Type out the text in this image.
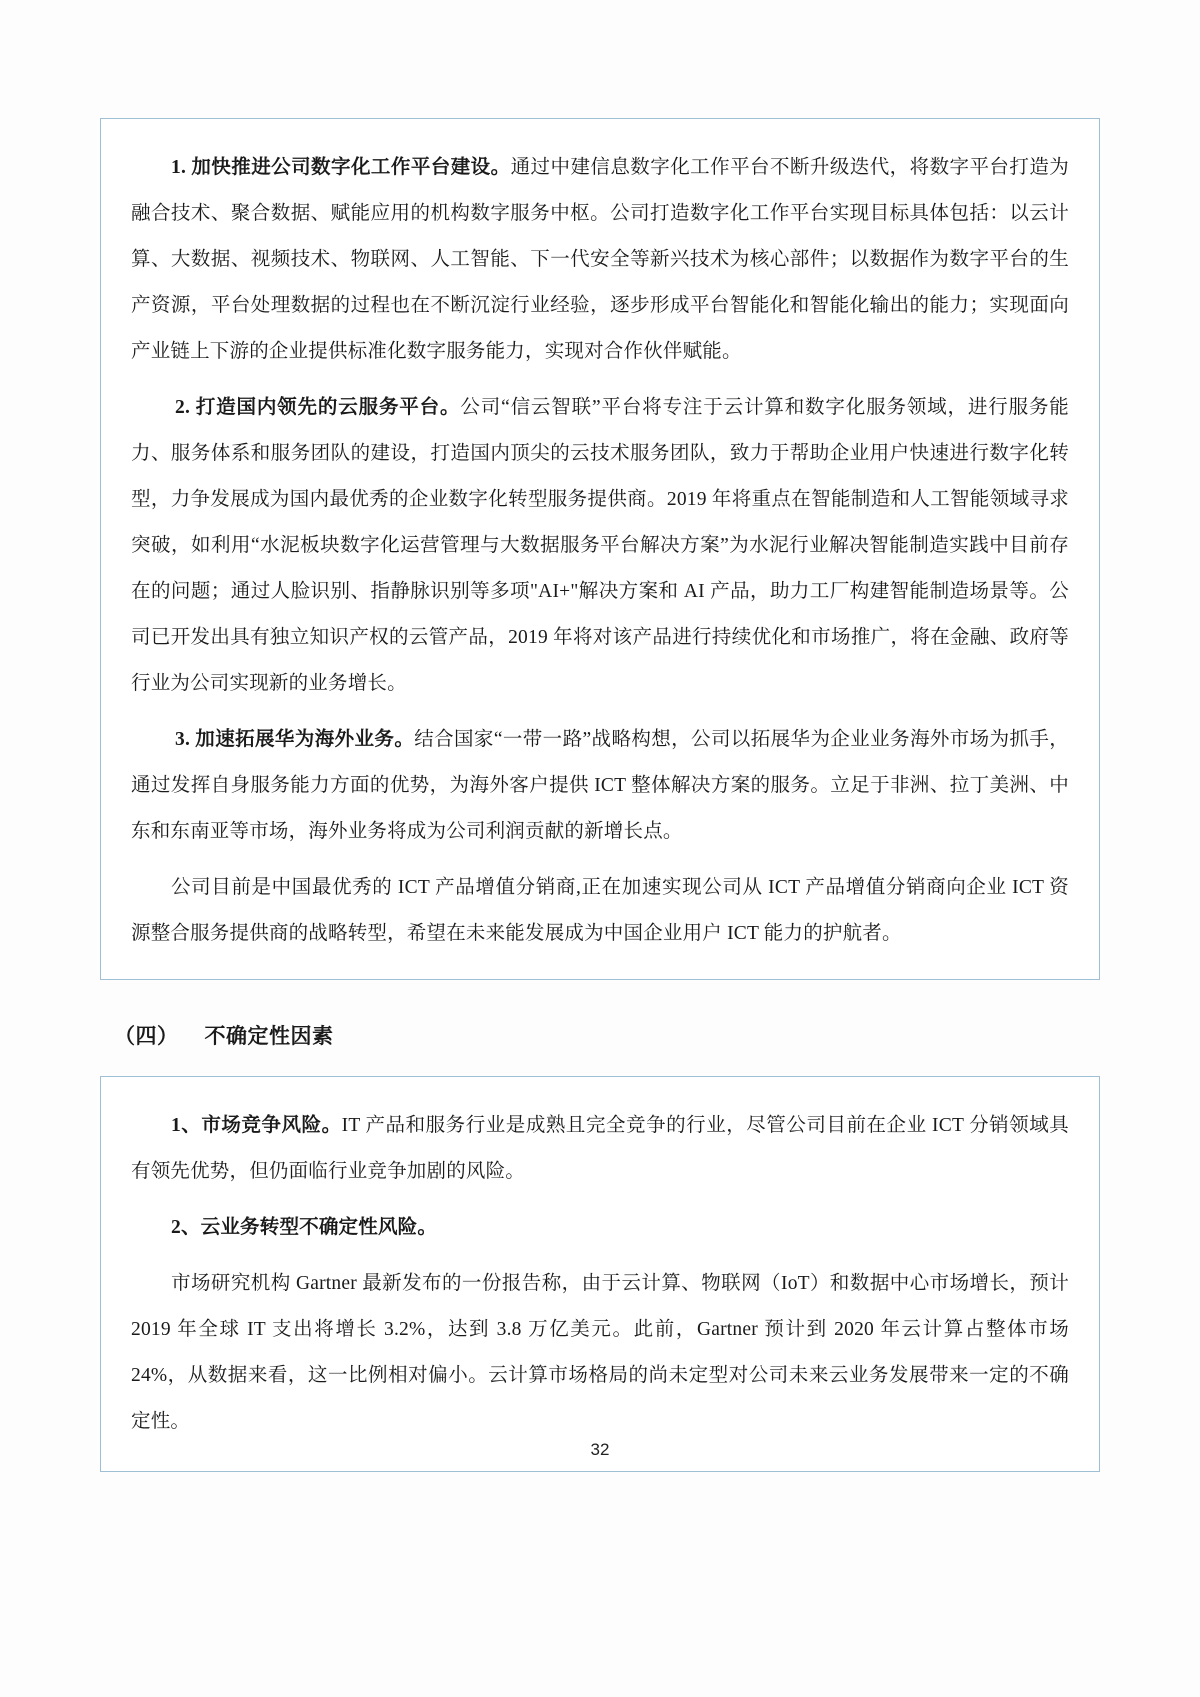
1. 加快推进公司数字化工作平台建设。通过中建信息数字化工作平台不断升级迭代，将数字平台打造为融合技术、聚合数据、赋能应用的机构数字服务中枢。公司打造数字化工作平台实现目标具体包括：以云计算、大数据、视频技术、物联网、人工智能、下一代安全等新兴技术为核心部件；以数据作为数字平台的生产资源，平台处理数据的过程也在不断沉淀行业经验，逐步形成平台智能化和智能化输出的能力；实现面向产业链上下游的企业提供标准化数字服务能力，实现对合作伙伴赋能。

2. 打造国内领先的云服务平台。公司“信云智联”平台将专注于云计算和数字化服务领域，进行服务能力、服务体系和服务团队的建设，打造国内顶尖的云技术服务团队，致力于帮助企业用户快速进行数字化转型，力争发展成为国内最优秀的企业数字化转型服务提供商。2019 年将重点在智能制造和人工智能领域寻求突破，如利用“水泥板块数字化运营管理与大数据服务平台解决方案”为水泥行业解决智能制造实践中目前存在的问题；通过人脸识别、指静脉识别等多项"AI+"解决方案和 AI 产品，助力工厂构建智能制造场景等。公司已开发出具有独立知识产权的云管产品，2019 年将对该产品进行持续优化和市场推广，将在金融、政府等行业为公司实现新的业务增长。

3. 加速拓展华为海外业务。结合国家“一带一路”战略构想，公司以拓展华为企业业务海外市场为抓手，通过发挥自身服务能力方面的优势，为海外客户提供 ICT 整体解决方案的服务。立足于非洲、拉丁美洲、中东和东南亚等市场，海外业务将成为公司利润贡献的新增长点。

公司目前是中国最优秀的 ICT 产品增值分销商,正在加速实现公司从 ICT 产品增值分销商向企业 ICT 资源整合服务提供商的战略转型，希望在未来能发展成为中国企业用户 ICT 能力的护航者。

（四） 不确定性因素

1、市场竞争风险。IT 产品和服务行业是成熟且完全竞争的行业，尽管公司目前在企业 ICT 分销领域具有领先优势，但仍面临行业竞争加剧的风险。

2、云业务转型不确定性风险。

市场研究机构 Gartner 最新发布的一份报告称，由于云计算、物联网（IoT）和数据中心市场增长，预计 2019 年全球 IT 支出将增长 3.2%，达到 3.8 万亿美元。此前，Gartner 预计到 2020 年云计算占整体市场 24%，从数据来看，这一比例相对偏小。云计算市场格局的尚未定型对公司未来云业务发展带来一定的不确定性。

32
